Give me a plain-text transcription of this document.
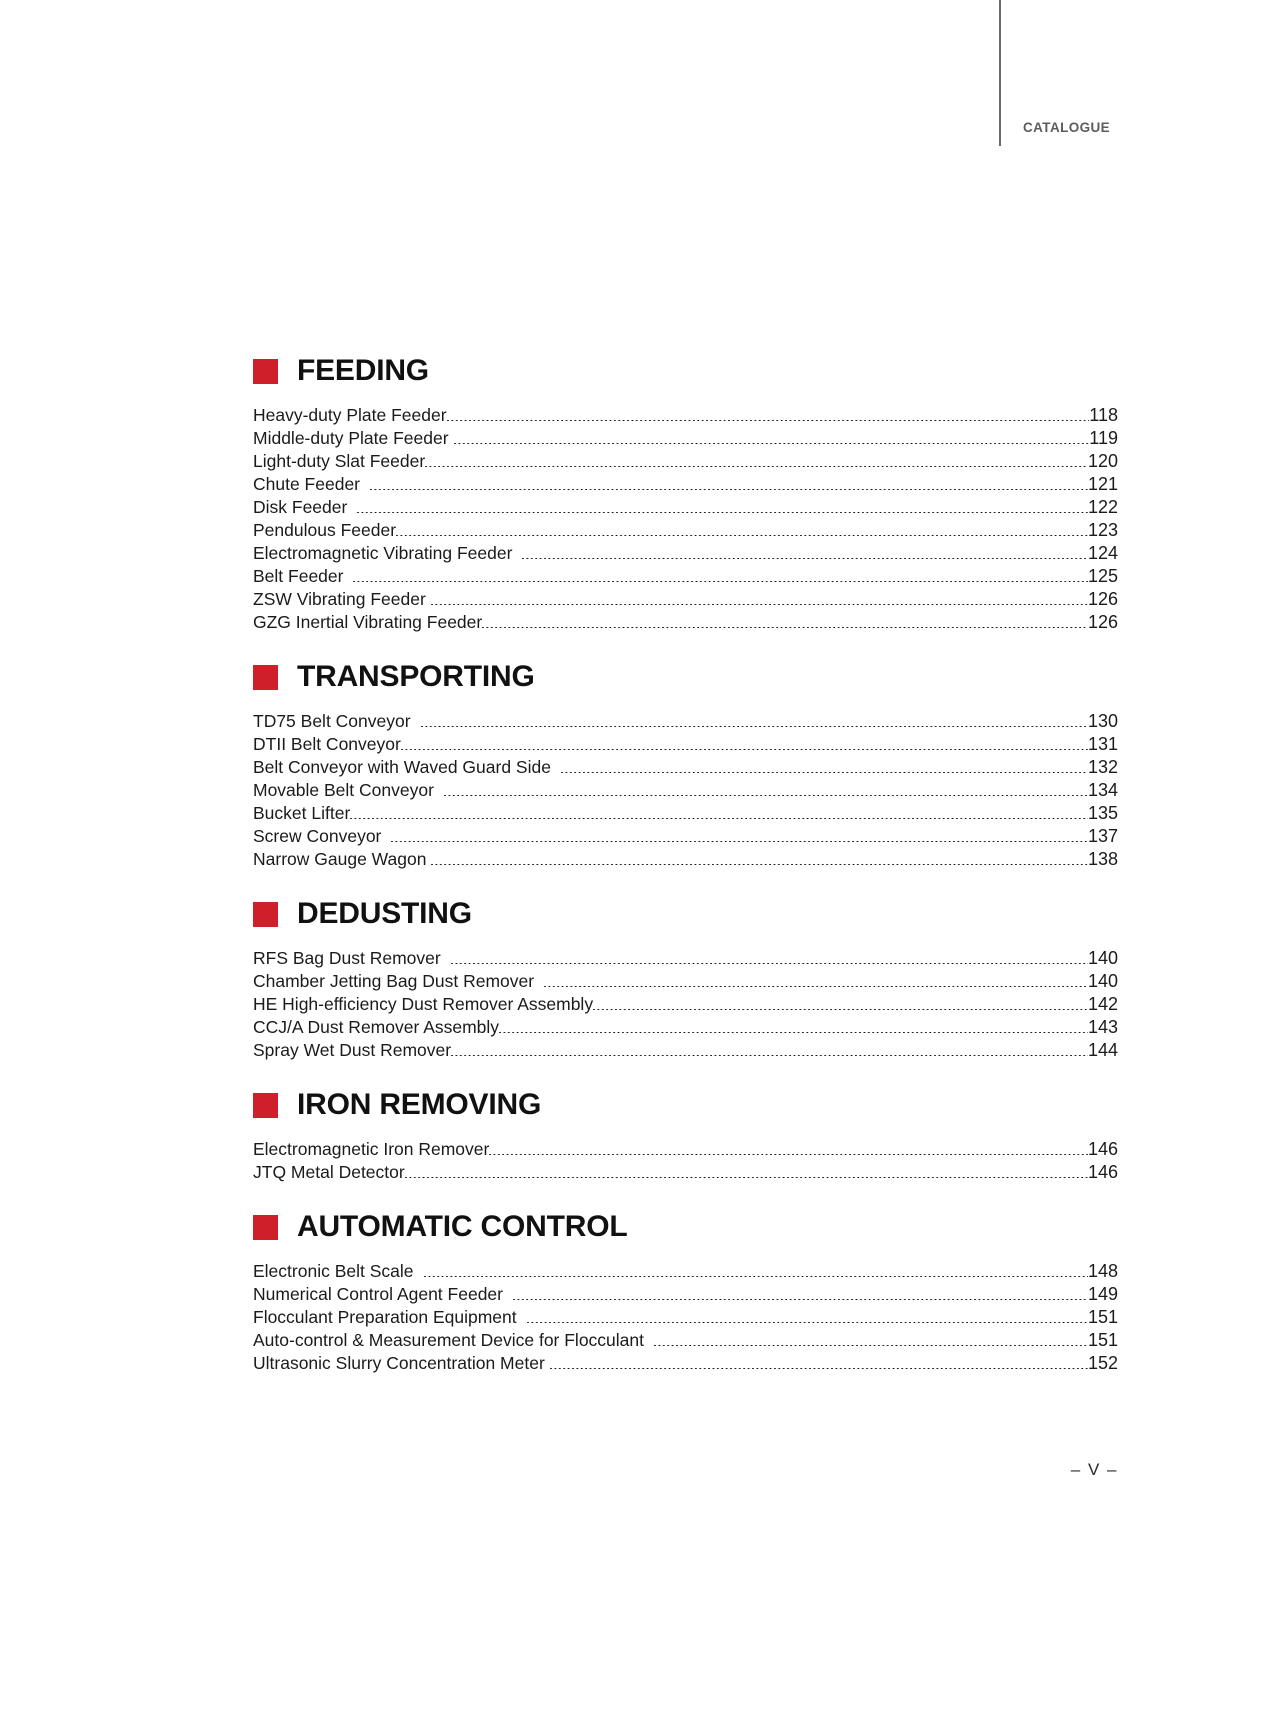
CATALOGUE
FEEDING
Heavy-duty Plate Feeder	118
Middle-duty Plate Feeder	119
Light-duty Slat Feeder	120
Chute Feeder	121
Disk Feeder	122
Pendulous Feeder	123
Electromagnetic Vibrating Feeder	124
Belt Feeder	125
ZSW Vibrating Feeder	126
GZG Inertial Vibrating Feeder	126
TRANSPORTING
TD75 Belt Conveyor	130
DTII Belt Conveyor	131
Belt Conveyor with Waved Guard Side	132
Movable Belt Conveyor	134
Bucket Lifter	135
Screw Conveyor	137
Narrow Gauge Wagon	138
DEDUSTING
RFS Bag Dust Remover	140
Chamber Jetting Bag Dust Remover	140
HE High-efficiency Dust Remover Assembly	142
CCJ/A Dust Remover Assembly	143
Spray Wet Dust Remover	144
IRON REMOVING
Electromagnetic Iron Remover	146
JTQ Metal Detector	146
AUTOMATIC CONTROL
Electronic Belt Scale	148
Numerical Control Agent Feeder	149
Flocculant Preparation Equipment	151
Auto-control & Measurement Device for Flocculant	151
Ultrasonic Slurry Concentration Meter	152
– V –
